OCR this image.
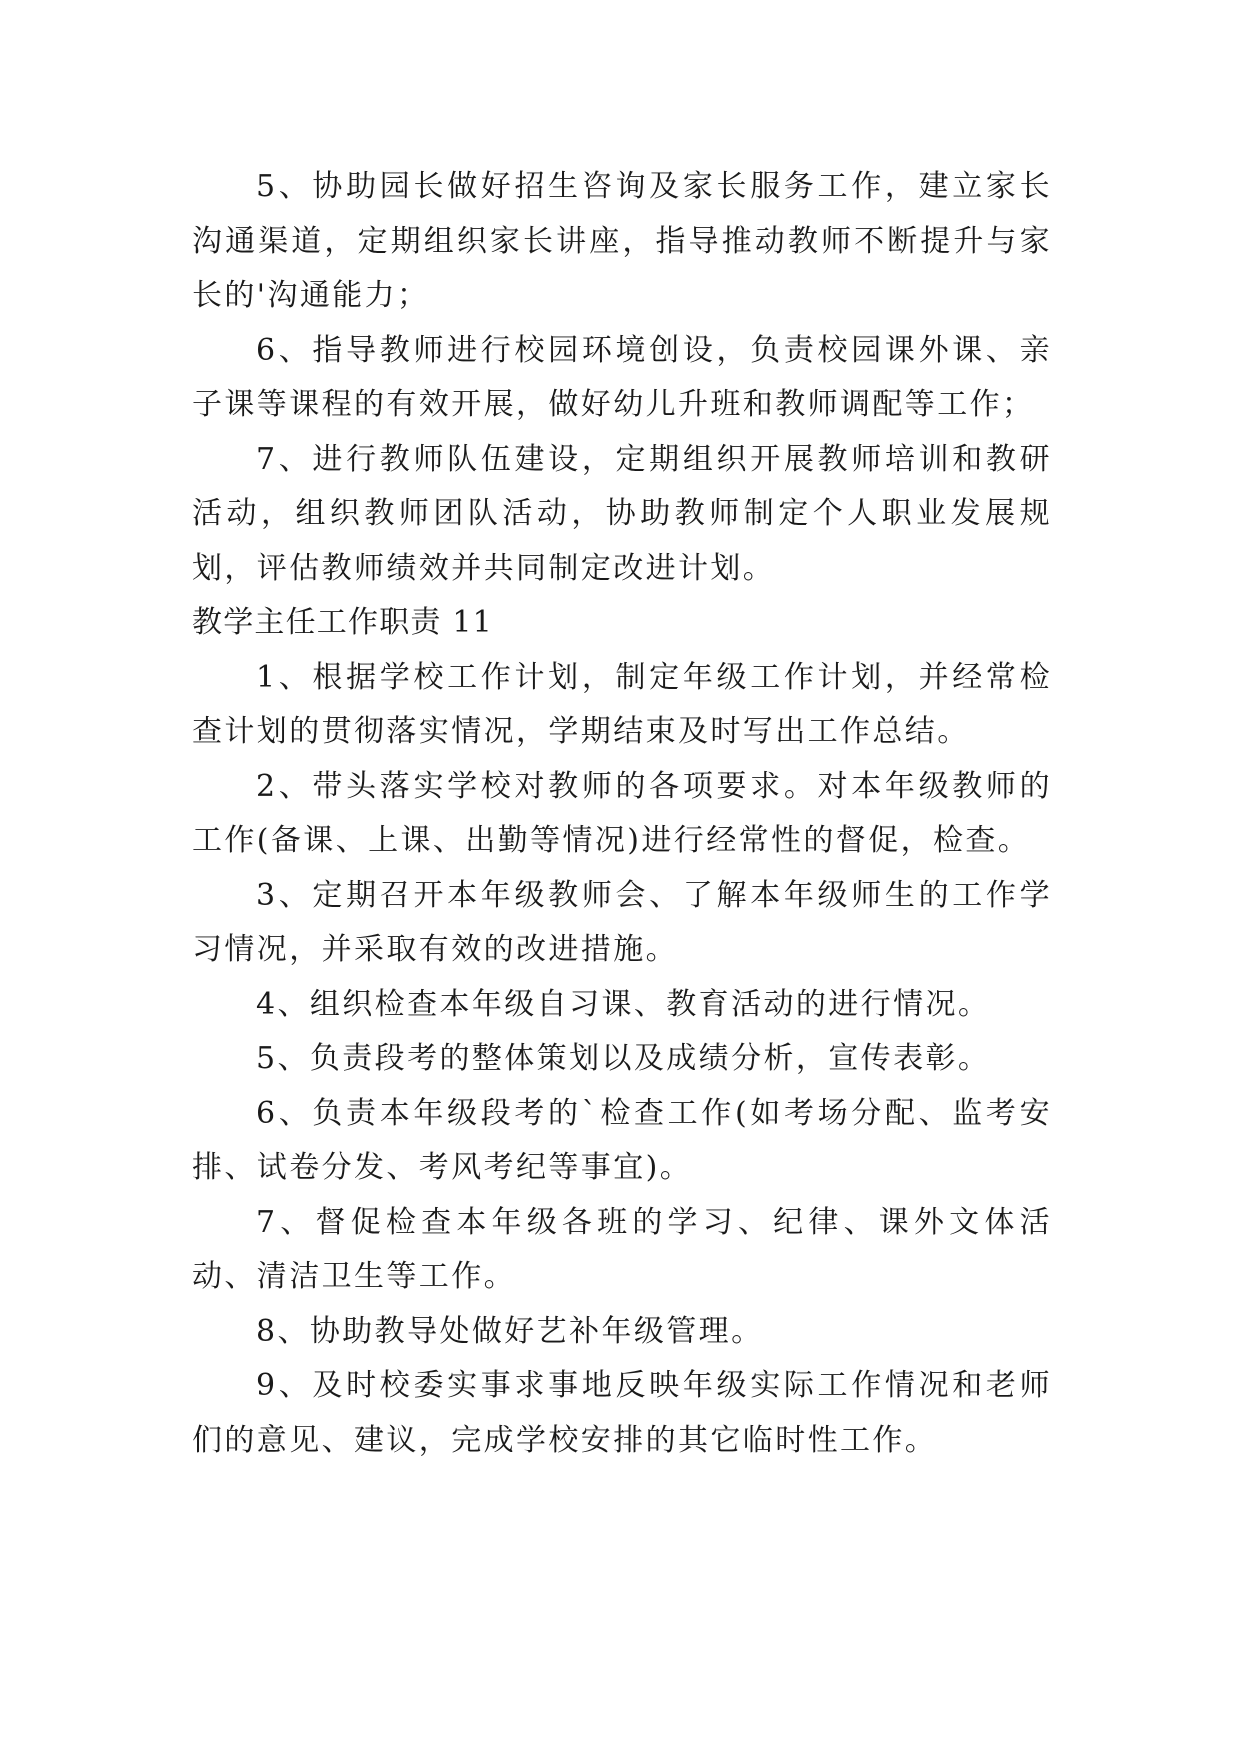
5、协助园长做好招生咨询及家长服务工作，建立家长沟通渠道，定期组织家长讲座，指导推动教师不断提升与家长的'沟通能力；

6、指导教师进行校园环境创设，负责校园课外课、亲子课等课程的有效开展，做好幼儿升班和教师调配等工作；

7、进行教师队伍建设，定期组织开展教师培训和教研活动，组织教师团队活动，协助教师制定个人职业发展规划，评估教师绩效并共同制定改进计划。

教学主任工作职责 11

1、根据学校工作计划，制定年级工作计划，并经常检查计划的贯彻落实情况，学期结束及时写出工作总结。

2、带头落实学校对教师的各项要求。对本年级教师的工作(备课、上课、出勤等情况)进行经常性的督促，检查。

3、定期召开本年级教师会、了解本年级师生的工作学习情况，并采取有效的改进措施。

4、组织检查本年级自习课、教育活动的进行情况。

5、负责段考的整体策划以及成绩分析，宣传表彰。

6、负责本年级段考的`检查工作(如考场分配、监考安排、试卷分发、考风考纪等事宜)。

7、督促检查本年级各班的学习、纪律、课外文体活动、清洁卫生等工作。

8、协助教导处做好艺补年级管理。

9、及时校委实事求事地反映年级实际工作情况和老师们的意见、建议，完成学校安排的其它临时性工作。
